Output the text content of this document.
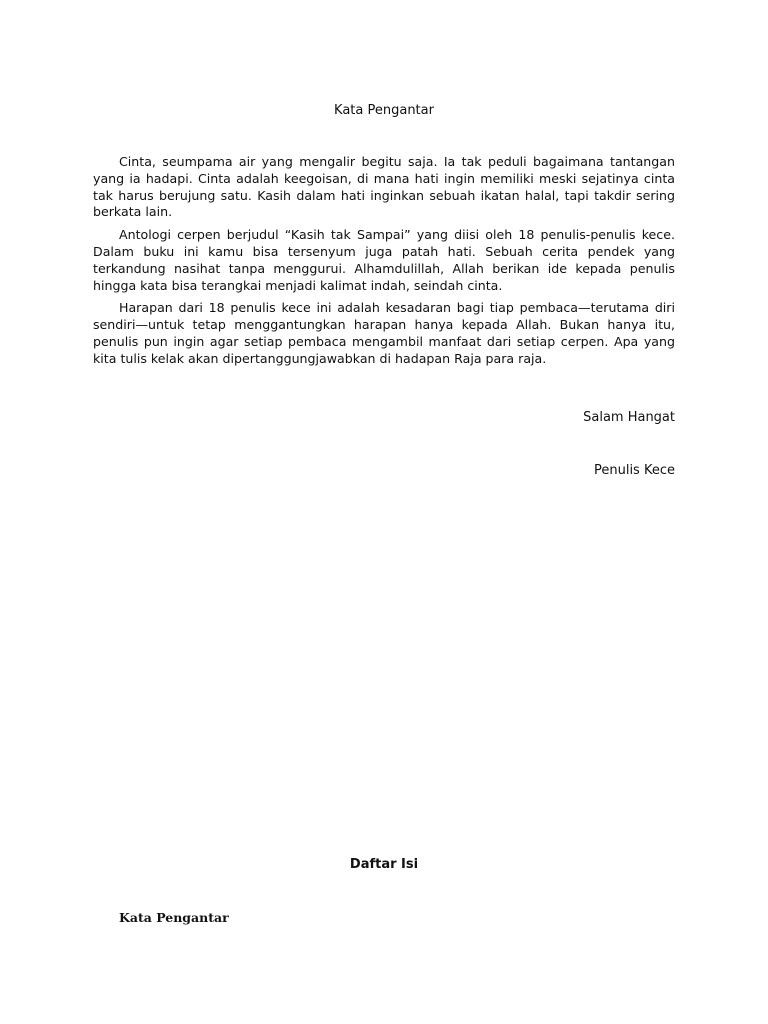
Kata Pengantar

Cinta, seumpama air yang mengalir begitu saja. Ia tak peduli bagaimana tantangan yang ia hadapi. Cinta adalah keegoisan, di mana hati ingin memiliki meski sejatinya cinta tak harus berujung satu. Kasih dalam hati inginkan sebuah ikatan halal, tapi takdir sering berkata lain.

Antologi cerpen berjudul “Kasih tak Sampai” yang diisi oleh 18 penulis-penulis kece. Dalam buku ini kamu bisa tersenyum juga patah hati. Sebuah cerita pendek yang terkandung nasihat tanpa menggurui. Alhamdulillah, Allah berikan ide kepada penulis hingga kata bisa terangkai menjadi kalimat indah, seindah cinta.

Harapan dari 18 penulis kece ini adalah kesadaran bagi tiap pembaca—terutama diri sendiri—untuk tetap menggantungkan harapan hanya kepada Allah. Bukan hanya itu, penulis pun ingin agar setiap pembaca mengambil manfaat dari setiap cerpen. Apa yang kita tulis kelak akan dipertanggungjawabkan di hadapan Raja para raja.

Salam Hangat

Penulis Kece

Daftar Isi

Kata Pengantar
